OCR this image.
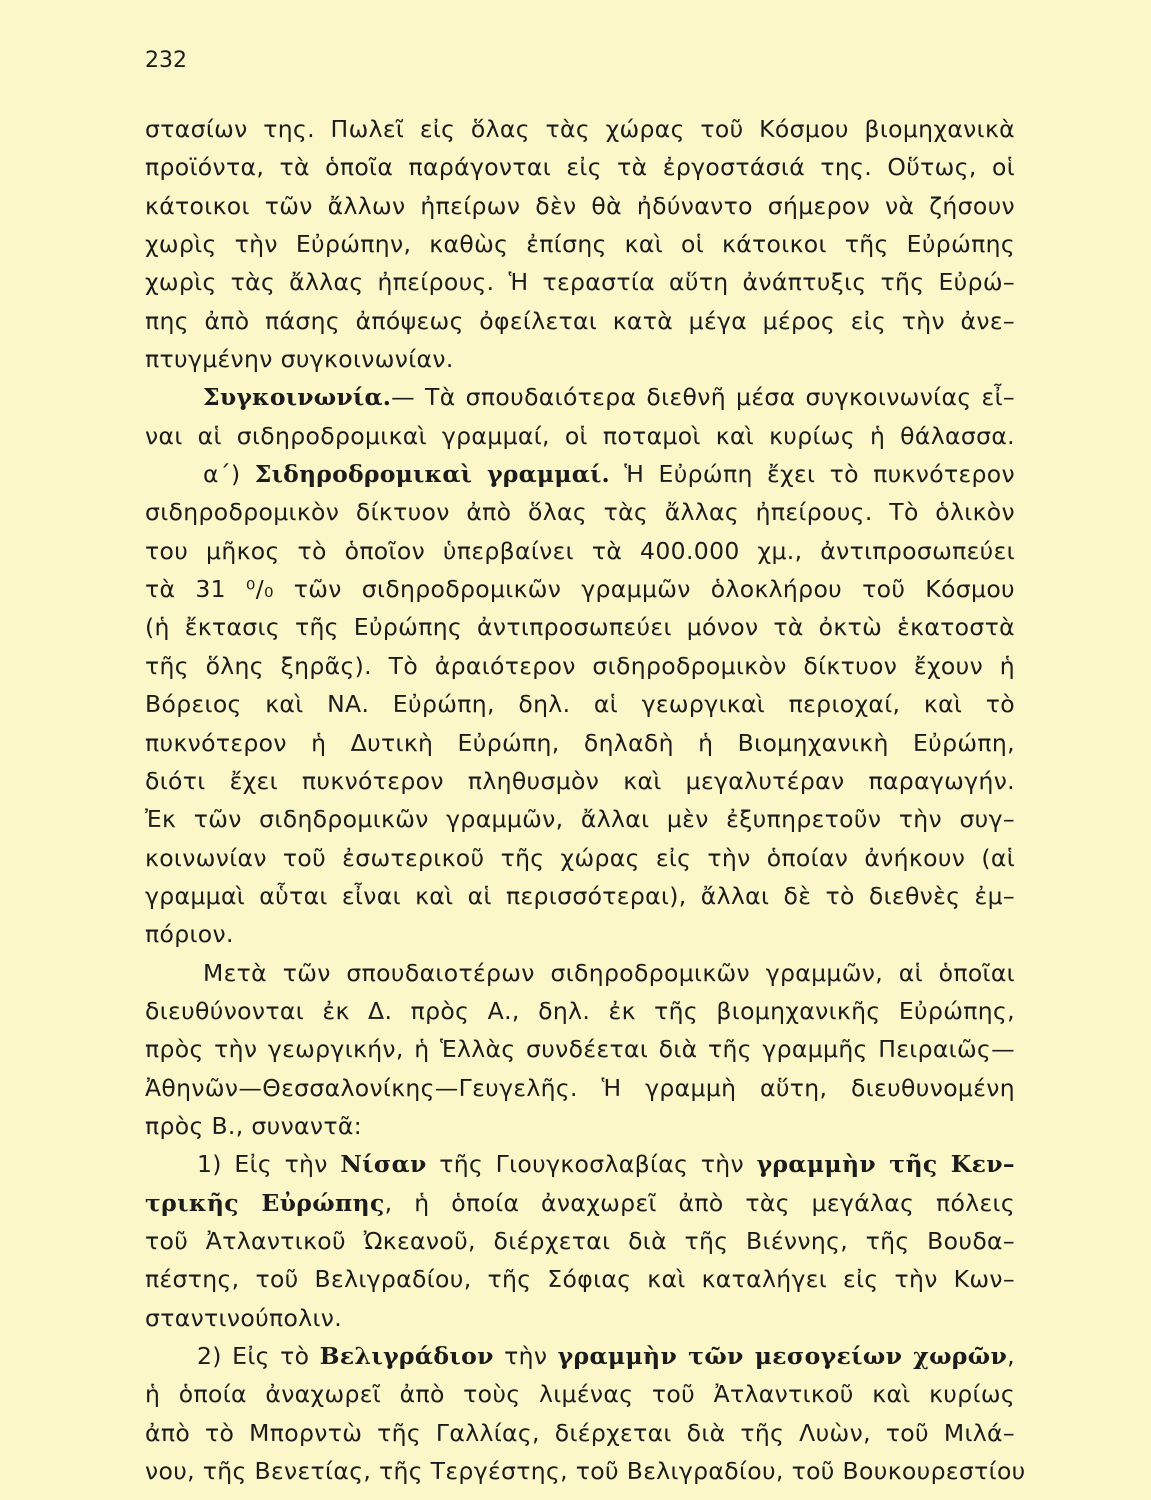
232
στασίων της. Πωλεῖ εἰς ὅλας τὰς χώρας τοῦ Κόσμου βιομηχανικὰ
προϊόντα, τὰ ὁποῖα παράγονται εἰς τὰ ἐργοστάσιά της. Οὕτως, οἱ
κάτοικοι τῶν ἄλλων ἠπείρων δὲν θὰ ἠδύναντο σήμερον νὰ ζήσουν
χωρὶς τὴν Εὐρώπην, καθὼς ἐπίσης καὶ οἱ κάτοικοι τῆς Εὐρώπης
χωρὶς τὰς ἄλλας ἠπείρους. Ἡ τεραστία αὕτη ἀνάπτυξις τῆς Εὐρώ–
πης ἀπὸ πάσης ἀπόψεως ὀφείλεται κατὰ μέγα μέρος εἰς τὴν ἀνε–
πτυγμένην συγκοινωνίαν.
Συγκοινωνία.— Τὰ σπουδαιότερα διεθνῆ μέσα συγκοινωνίας εἶ–
ναι αἱ σιδηροδρομικαὶ γραμμαί, οἱ ποταμοὶ καὶ κυρίως ἡ θάλασσα.
α΄) Σιδηροδρομικαὶ γραμμαί. Ἡ Εὐρώπη ἔχει τὸ πυκνότερον
σιδηροδρομικὸν δίκτυον ἀπὸ ὅλας τὰς ἄλλας ἠπείρους. Τὸ ὁλικὸν
του μῆκος τὸ ὁποῖον ὑπερβαίνει τὰ 400.000 χμ., ἀντιπροσωπεύει
τὰ 31 ⁰/₀ τῶν σιδηροδρομικῶν γραμμῶν ὁλοκλήρου τοῦ Κόσμου
(ἡ ἔκτασις τῆς Εὐρώπης ἀντιπροσωπεύει μόνον τὰ ὀκτὼ ἑκατοστὰ
τῆς ὅλης ξηρᾶς). Τὸ ἀραιότερον σιδηροδρομικὸν δίκτυον ἔχουν ἡ
Βόρειος καὶ ΝΑ. Εὐρώπη, δηλ. αἱ γεωργικαὶ περιοχαί, καὶ τὸ
πυκνότερον ἡ Δυτικὴ Εὐρώπη, δηλαδὴ ἡ Βιομηχανικὴ Εὐρώπη,
διότι ἔχει πυκνότερον πληθυσμὸν καὶ μεγαλυτέραν παραγωγήν.
Ἐκ τῶν σιδηδρομικῶν γραμμῶν, ἄλλαι μὲν ἐξυπηρετοῦν τὴν συγ–
κοινωνίαν τοῦ ἐσωτερικοῦ τῆς χώρας εἰς τὴν ὁποίαν ἀνήκουν (αἱ
γραμμαὶ αὗται εἶναι καὶ αἱ περισσότεραι), ἄλλαι δὲ τὸ διεθνὲς ἐμ–
πόριον.
Μετὰ τῶν σπουδαιοτέρων σιδηροδρομικῶν γραμμῶν, αἱ ὁποῖαι
διευθύνονται ἐκ Δ. πρὸς Α., δηλ. ἐκ τῆς βιομηχανικῆς Εὐρώπης,
πρὸς τὴν γεωργικήν, ἡ Ἑλλὰς συνδέεται διὰ τῆς γραμμῆς Πειραιῶς—
Ἀθηνῶν—Θεσσαλονίκης—Γευγελῆς. Ἡ γραμμὴ αὕτη, διευθυνομένη
πρὸς Β., συναντᾶ:
1) Εἰς τὴν Νίσαν τῆς Γιουγκοσλαβίας τὴν γραμμὴν τῆς Κεν–
τρικῆς Εὐρώπης, ἡ ὁποία ἀναχωρεῖ ἀπὸ τὰς μεγάλας πόλεις
τοῦ Ἀτλαντικοῦ Ὠκεανοῦ, διέρχεται διὰ τῆς Βιέννης, τῆς Βουδα–
πέστης, τοῦ Βελιγραδίου, τῆς Σόφιας καὶ καταλήγει εἰς τὴν Κων–
σταντινούπολιν.
2) Εἰς τὸ Βελιγράδιον τὴν γραμμὴν τῶν μεσογείων χωρῶν,
ἡ ὁποία ἀναχωρεῖ ἀπὸ τοὺς λιμένας τοῦ Ἀτλαντικοῦ καὶ κυρίως
ἀπὸ τὸ Μπορντὼ τῆς Γαλλίας, διέρχεται διὰ τῆς Λυὼν, τοῦ Μιλά–
νου, τῆς Βενετίας, τῆς Τεργέστης, τοῦ Βελιγραδίου, τοῦ Βουκουρεστίου
